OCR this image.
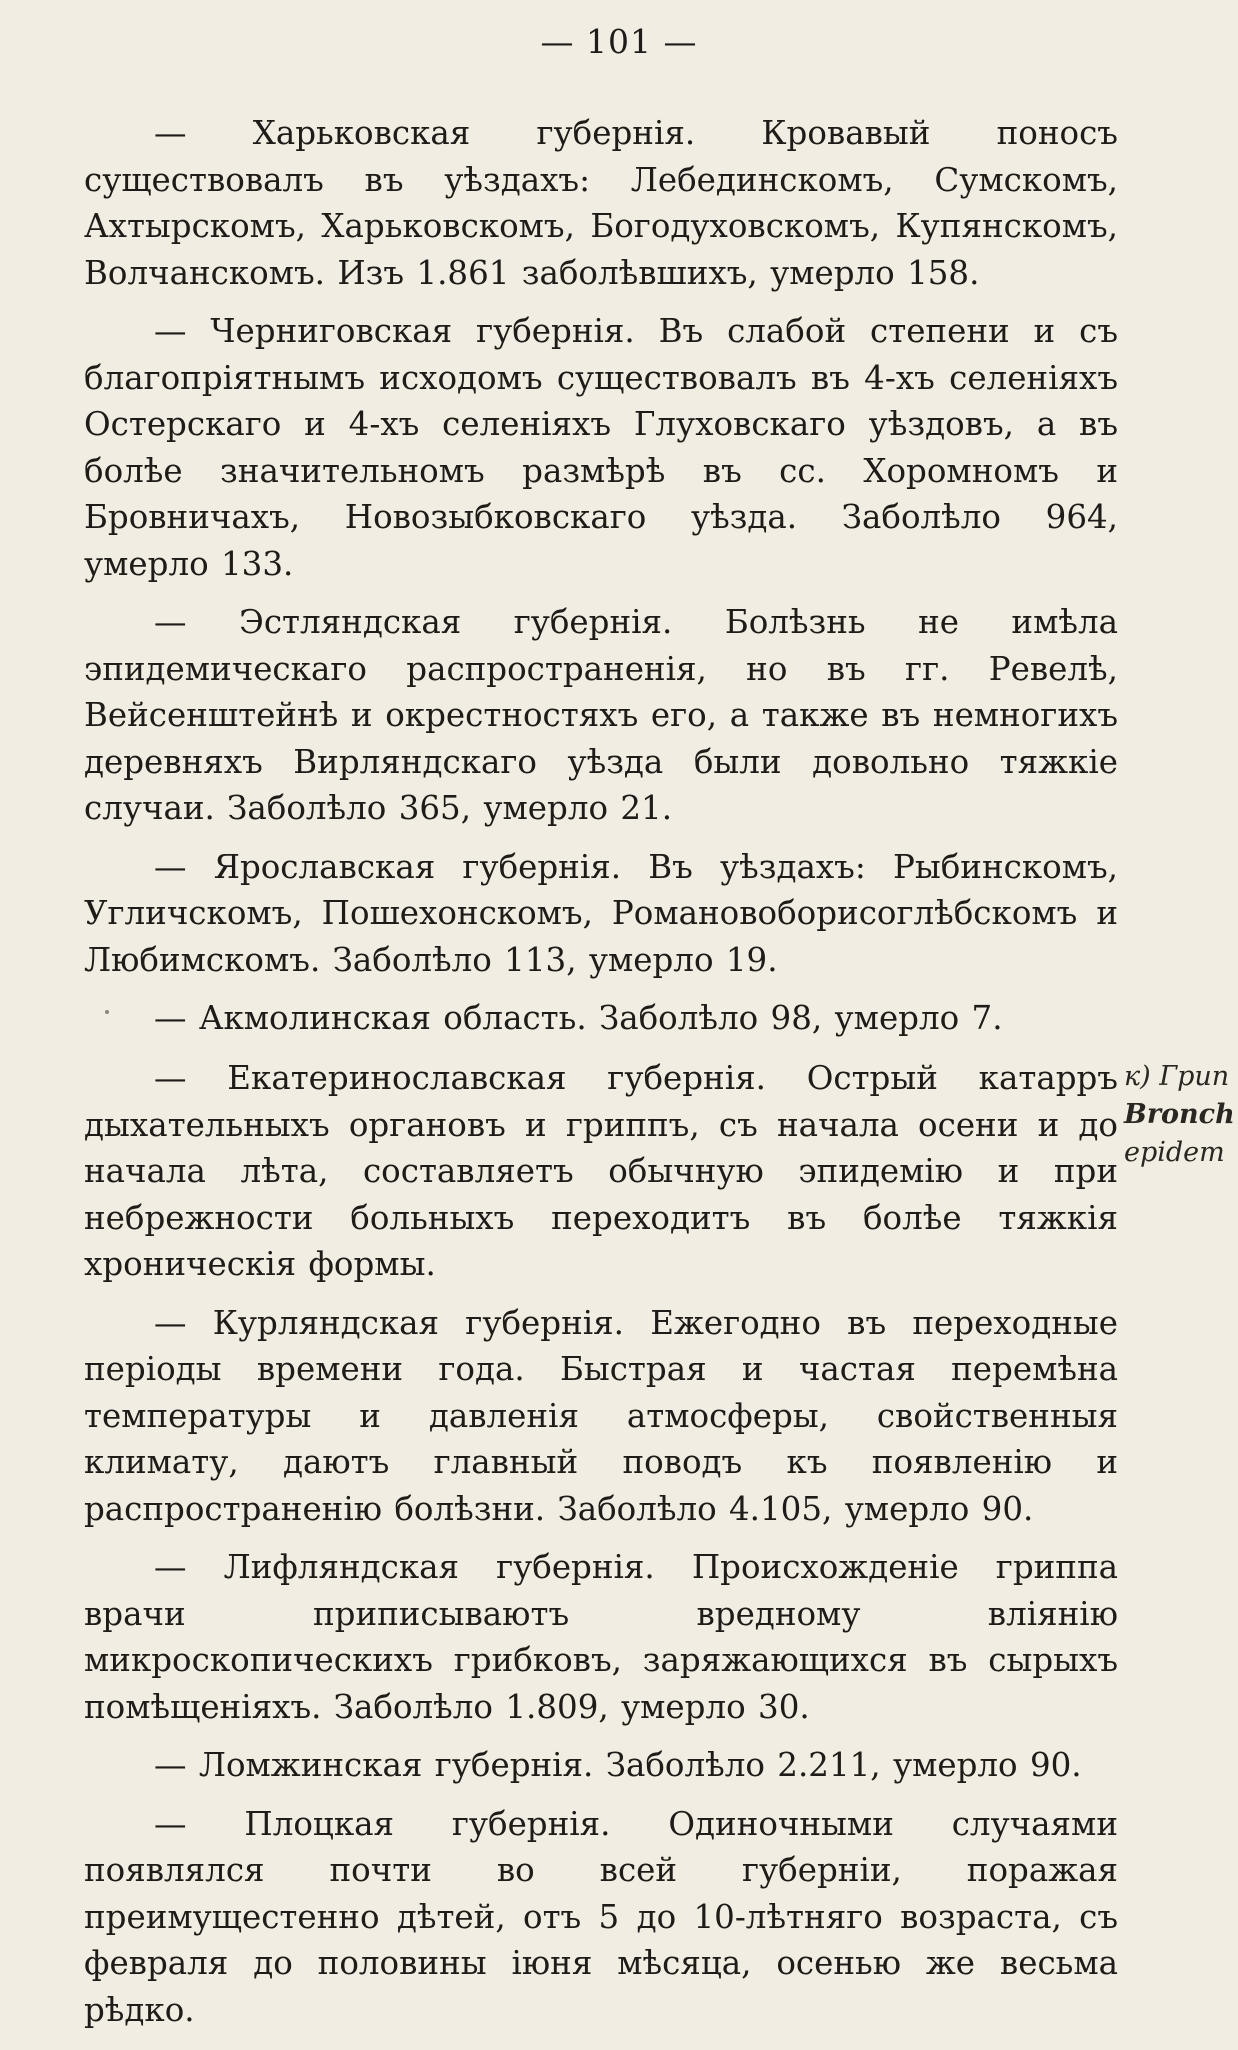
— 101 —

— Харьковская губернія. Кровавый поносъ существовалъ въ уѣздахъ: Лебединскомъ, Сумскомъ, Ахтырскомъ, Харьковскомъ, Богодуховскомъ, Купянскомъ, Волчанскомъ. Изъ 1.861 заболѣвшихъ, умерло 158.

— Черниговская губернія. Въ слабой степени и съ благопріятнымъ исходомъ существовалъ въ 4-хъ селеніяхъ Остерскаго и 4-хъ селеніяхъ Глуховскаго уѣздовъ, а въ болѣе значительномъ размѣрѣ въ сс. Хоромномъ и Бровничахъ, Новозыбковскаго уѣзда. Заболѣло 964, умерло 133.

— Эстляндская губернія. Болѣзнь не имѣла эпидемическаго распространенія, но въ гг. Ревелѣ, Вейсенштейнѣ и окрестностяхъ его, а также въ немногихъ деревняхъ Вирляндскаго уѣзда были довольно тяжкіе случаи. Заболѣло 365, умерло 21.

— Ярославская губернія. Въ уѣздахъ: Рыбинскомъ, Угличскомъ, Пошехонскомъ, Романовоборисоглѣбскомъ и Любимскомъ. Заболѣло 113, умерло 19.

— Акмолинская область. Заболѣло 98, умерло 7.

— Екатеринославская губернія. Острый катарръ дыхательныхъ органовъ и гриппъ, съ начала осени и до начала лѣта, составляетъ обычную эпидемію и при небрежности больныхъ переходитъ въ болѣе тяжкія хроническія формы.

— Курляндская губернія. Ежегодно въ переходные періоды времени года. Быстрая и частая перемѣна температуры и давленія атмосферы, свойственныя климату, даютъ главный поводъ къ появленію и распространенію болѣзни. Заболѣло 4.105, умерло 90.

— Лифляндская губернія. Происхожденіе гриппа врачи приписываютъ вредному вліянію микроскопическихъ грибковъ, заряжающихся въ сырыхъ помѣщеніяхъ. Заболѣло 1.809, умерло 30.

— Ломжинская губернія. Заболѣло 2.211, умерло 90.

— Плоцкая губернія. Одиночными случаями появлялся почти во всей губерніи, поражая преимущестенно дѣтей, отъ 5 до 10-лѣтняго возраста, съ февраля до половины іюня мѣсяца, осенью же весьма рѣдко.

к) Грип
Bronch
epidem
